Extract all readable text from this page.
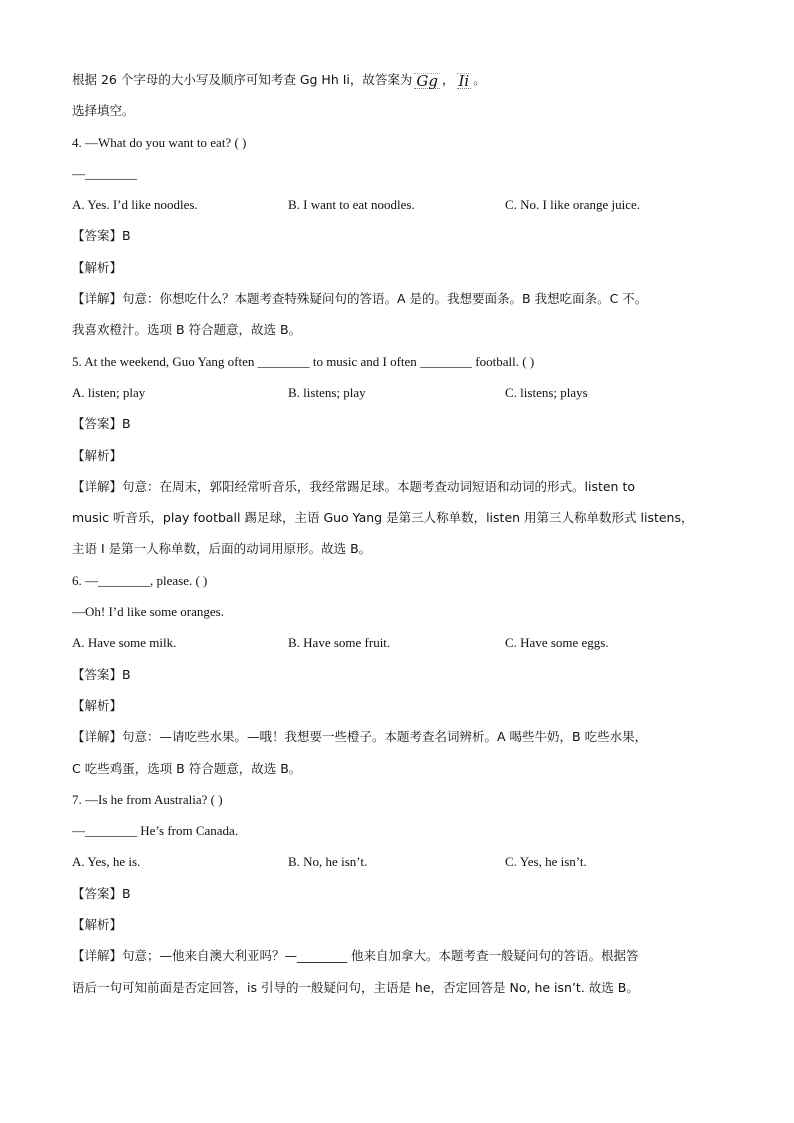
根据 26 个字母的大小写及顺序可知考查 Gg Hh Ii，故答案为 Gg ， Ii 。
选择填空。
4. —What do you want to eat? ( )
—________
A. Yes. I’d like noodles.	B. I want to eat noodles.	C. No. I like orange juice.
【答案】B
【解析】
【详解】句意：你想吃什么？本题考查特殊疑问句的答语。A 是的。我想要面条。B 我想吃面条。C 不。
我喜欢橙汁。选项 B 符合题意，故选 B。
5. At the weekend, Guo Yang often ________ to music and I often ________ football. ( )
A. listen; play	B. listens; play	C. listens; plays
【答案】B
【解析】
【详解】句意：在周末，郭阳经常听音乐，我经常踢足球。本题考查动词短语和动词的形式。listen to
music 听音乐，play football 踢足球，主语 Guo Yang 是第三人称单数，listen 用第三人称单数形式 listens，
主语 I 是第一人称单数，后面的动词用原形。故选 B。
6. —________, please. ( )
—Oh! I’d like some oranges.
A. Have some milk.	B. Have some fruit.	C. Have some eggs.
【答案】B
【解析】
【详解】句意：—请吃些水果。—哦！我想要一些橙子。本题考查名词辨析。A 喝些牛奶，B 吃些水果，
C 吃些鸡蛋，选项 B 符合题意，故选 B。
7. —Is he from Australia? ( )
—________ He’s from Canada.
A. Yes, he is.	B. No, he isn’t.	C. Yes, he isn’t.
【答案】B
【解析】
【详解】句意；—他来自澳大利亚吗？—________ 他来自加拿大。本题考查一般疑问句的答语。根据答
语后一句可知前面是否定回答，is 引导的一般疑问句，主语是 he，否定回答是 No, he isn’t. 故选 B。
